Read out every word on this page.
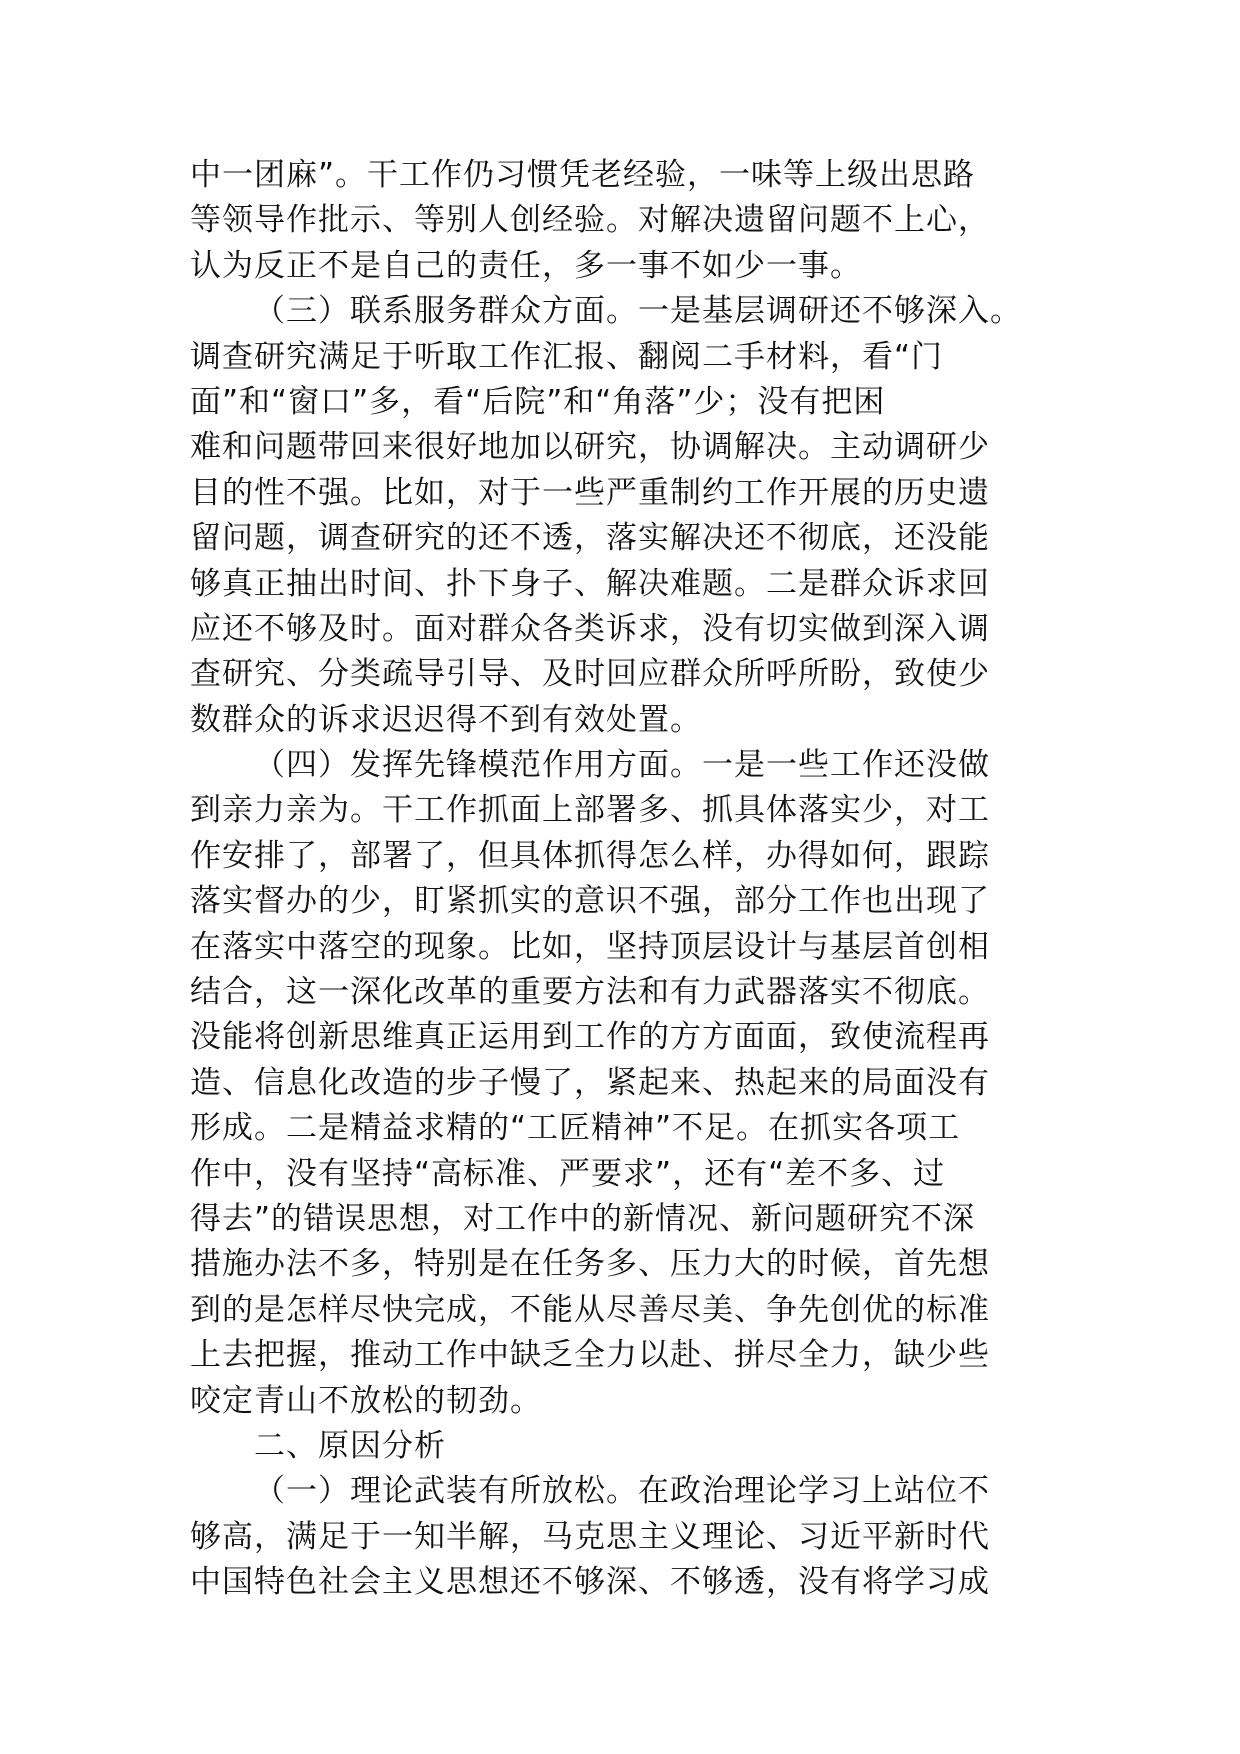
中一团麻”。干工作仍习惯凭老经验，一味等上级出思路
等领导作批示、等别人创经验。对解决遗留问题不上心，
认为反正不是自己的责任，多一事不如少一事。
（三）联系服务群众方面。一是基层调研还不够深入。
调查研究满足于听取工作汇报、翻阅二手材料，看“门
面”和“窗口”多，看“后院”和“角落”少；没有把困
难和问题带回来很好地加以研究，协调解决。主动调研少
目的性不强。比如，对于一些严重制约工作开展的历史遗
留问题，调查研究的还不透，落实解决还不彻底，还没能
够真正抽出时间、扑下身子、解决难题。二是群众诉求回
应还不够及时。面对群众各类诉求，没有切实做到深入调
查研究、分类疏导引导、及时回应群众所呼所盼，致使少
数群众的诉求迟迟得不到有效处置。
（四）发挥先锋模范作用方面。一是一些工作还没做
到亲力亲为。干工作抓面上部署多、抓具体落实少，对工
作安排了，部署了，但具体抓得怎么样，办得如何，跟踪
落实督办的少，盯紧抓实的意识不强，部分工作也出现了
在落实中落空的现象。比如，坚持顶层设计与基层首创相
结合，这一深化改革的重要方法和有力武器落实不彻底。
没能将创新思维真正运用到工作的方方面面，致使流程再
造、信息化改造的步子慢了，紧起来、热起来的局面没有
形成。二是精益求精的“工匠精神”不足。在抓实各项工
作中，没有坚持“高标准、严要求”，还有“差不多、过
得去”的错误思想，对工作中的新情况、新问题研究不深
措施办法不多，特别是在任务多、压力大的时候，首先想
到的是怎样尽快完成，不能从尽善尽美、争先创优的标准
上去把握，推动工作中缺乏全力以赴、拼尽全力，缺少些
咬定青山不放松的韧劲。
二、原因分析
（一）理论武装有所放松。在政治理论学习上站位不
够高，满足于一知半解，马克思主义理论、习近平新时代
中国特色社会主义思想还不够深、不够透，没有将学习成
